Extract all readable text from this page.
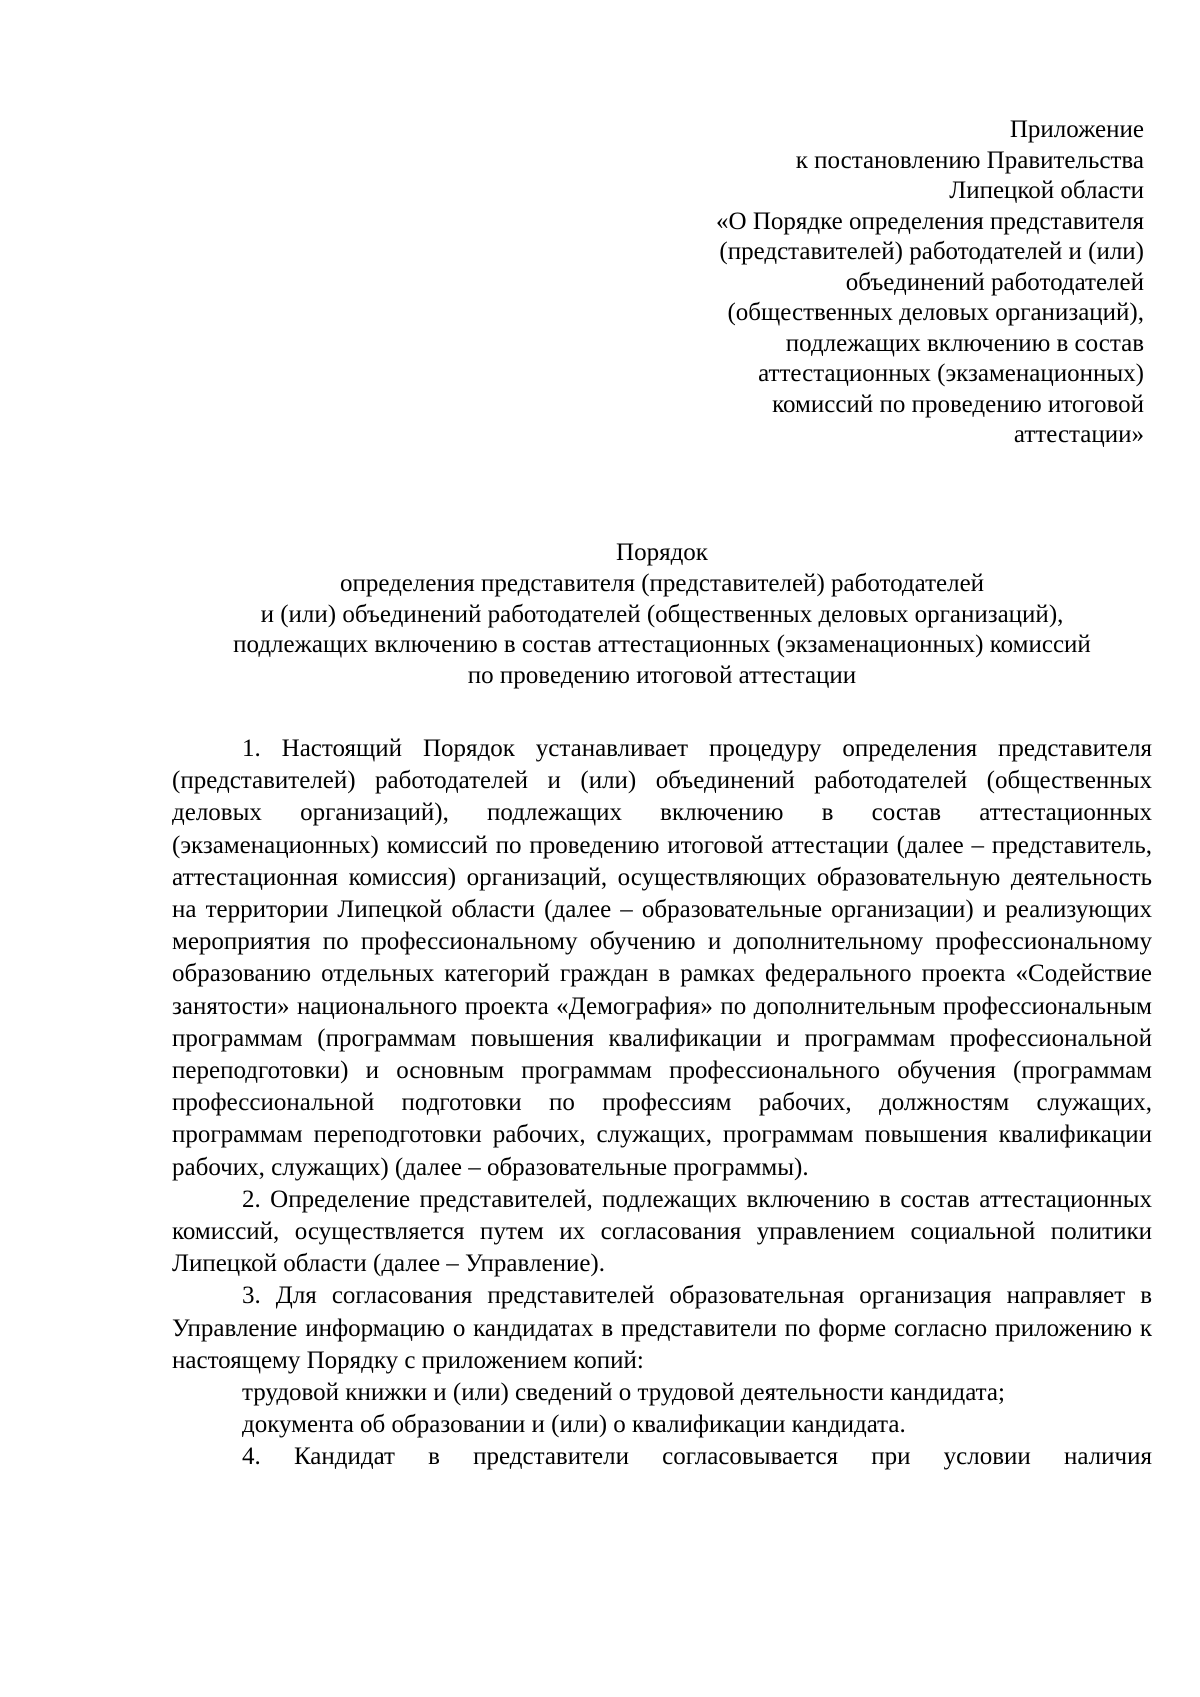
Приложение
к постановлению Правительства
Липецкой области
«О Порядке определения представителя
(представителей) работодателей и (или)
объединений работодателей
(общественных деловых организаций),
подлежащих включению в состав
аттестационных (экзаменационных)
комиссий по проведению итоговой
аттестации»
Порядок
определения представителя (представителей) работодателей
и (или) объединений работодателей (общественных деловых организаций),
подлежащих включению в состав аттестационных (экзаменационных) комиссий
по проведению итоговой аттестации

1. Настоящий Порядок устанавливает процедуру определения представителя (представителей) работодателей и (или) объединений работодателей (общественных деловых организаций), подлежащих включению в состав аттестационных (экзаменационных) комиссий по проведению итоговой аттестации (далее – представитель, аттестационная комиссия) организаций, осуществляющих образовательную деятельность на территории Липецкой области (далее – образовательные организации) и реализующих мероприятия по профессиональному обучению и дополнительному профессиональному образованию отдельных категорий граждан в рамках федерального проекта «Содействие занятости» национального проекта «Демография» по дополнительным профессиональным программам (программам повышения квалификации и программам профессиональной переподготовки) и основным программам профессионального обучения (программам профессиональной подготовки по профессиям рабочих, должностям служащих, программам переподготовки рабочих, служащих, программам повышения квалификации рабочих, служащих) (далее – образовательные программы).

2. Определение представителей, подлежащих включению в состав аттестационных комиссий, осуществляется путем их согласования управлением социальной политики Липецкой области (далее – Управление).

3. Для согласования представителей образовательная организация направляет в Управление информацию о кандидатах в представители по форме согласно приложению к настоящему Порядку с приложением копий:

трудовой книжки и (или) сведений о трудовой деятельности кандидата;

документа об образовании и (или) о квалификации кандидата.

4. Кандидат в представители согласовывается при условии наличия
